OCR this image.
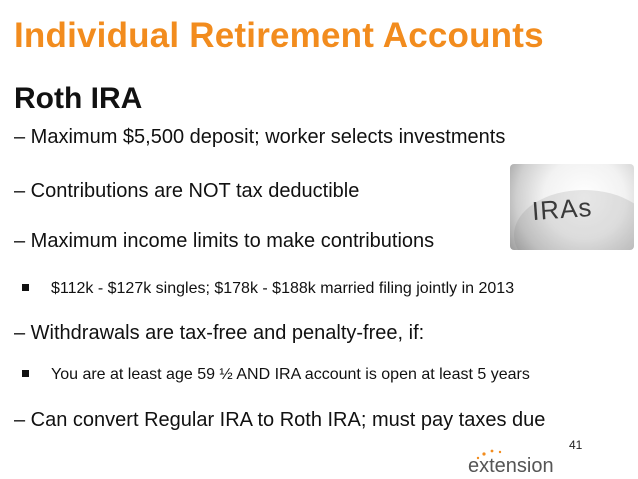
Individual Retirement Accounts
Roth IRA
– Maximum $5,500 deposit; worker selects investments
– Contributions are NOT tax deductible
– Maximum income limits to make contributions
$112k - $127k singles; $178k - $188k married filing jointly in 2013
– Withdrawals are tax-free and penalty-free, if:
You are at least age 59 ½ AND IRA account is open at least 5 years
– Can convert Regular IRA to Roth IRA; must pay taxes due
IRAs
41
extension
